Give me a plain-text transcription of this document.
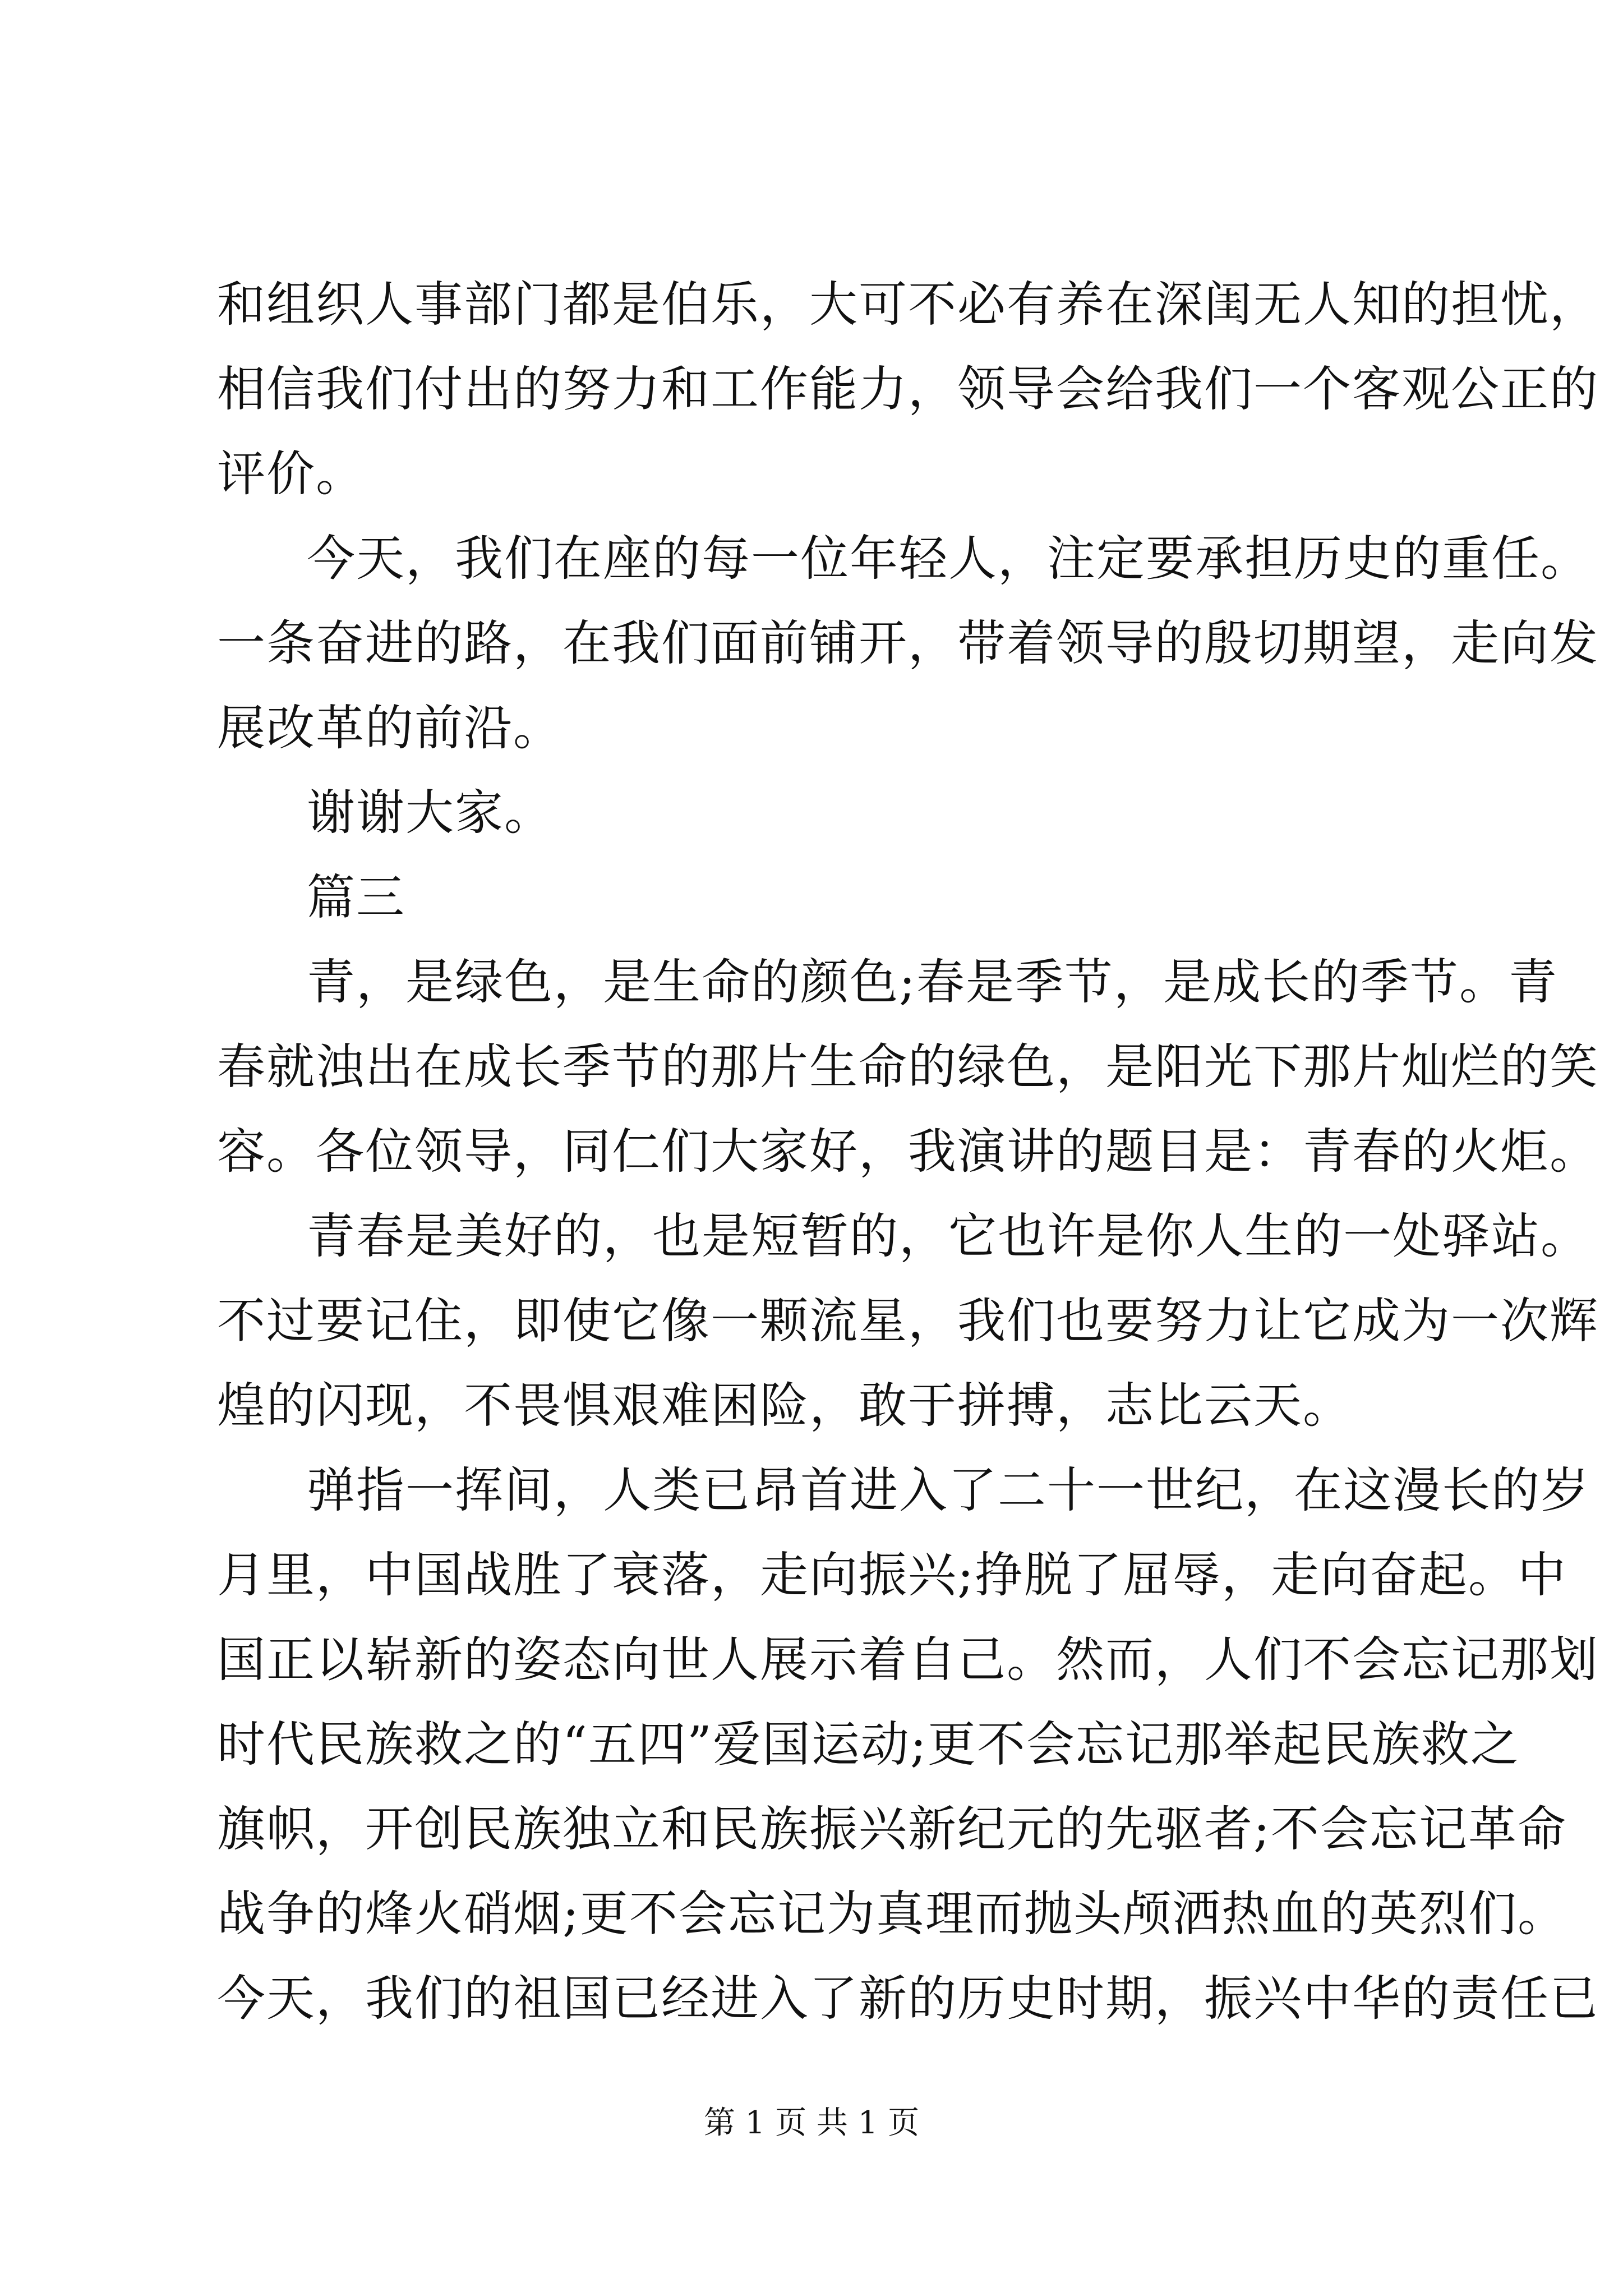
和组织人事部门都是伯乐，大可不必有养在深闺无人知的担忧，
相信我们付出的努力和工作能力，领导会给我们一个客观公正的
评价。
今天，我们在座的每一位年轻人，注定要承担历史的重任。
一条奋进的路，在我们面前铺开，带着领导的殷切期望，走向发
展改革的前沿。
谢谢大家。
篇三
青，是绿色，是生命的颜色;春是季节，是成长的季节。青
春就浊出在成长季节的那片生命的绿色，是阳光下那片灿烂的笑
容。各位领导，同仁们大家好，我演讲的题目是：青春的火炬。
青春是美好的，也是短暂的，它也许是你人生的一处驿站。
不过要记住，即使它像一颗流星，我们也要努力让它成为一次辉
煌的闪现，不畏惧艰难困险，敢于拼搏，志比云天。
弹指一挥间，人类已昂首进入了二十一世纪，在这漫长的岁
月里，中国战胜了衰落，走向振兴;挣脱了屈辱，走向奋起。中
国正以崭新的姿态向世人展示着自己。然而，人们不会忘记那划
时代民族救之的“五四”爱国运动;更不会忘记那举起民族救之
旗帜，开创民族独立和民族振兴新纪元的先驱者;不会忘记革命
战争的烽火硝烟;更不会忘记为真理而抛头颅洒热血的英烈们。
今天，我们的祖国已经进入了新的历史时期，振兴中华的责任已
第 1 页 共 1 页
